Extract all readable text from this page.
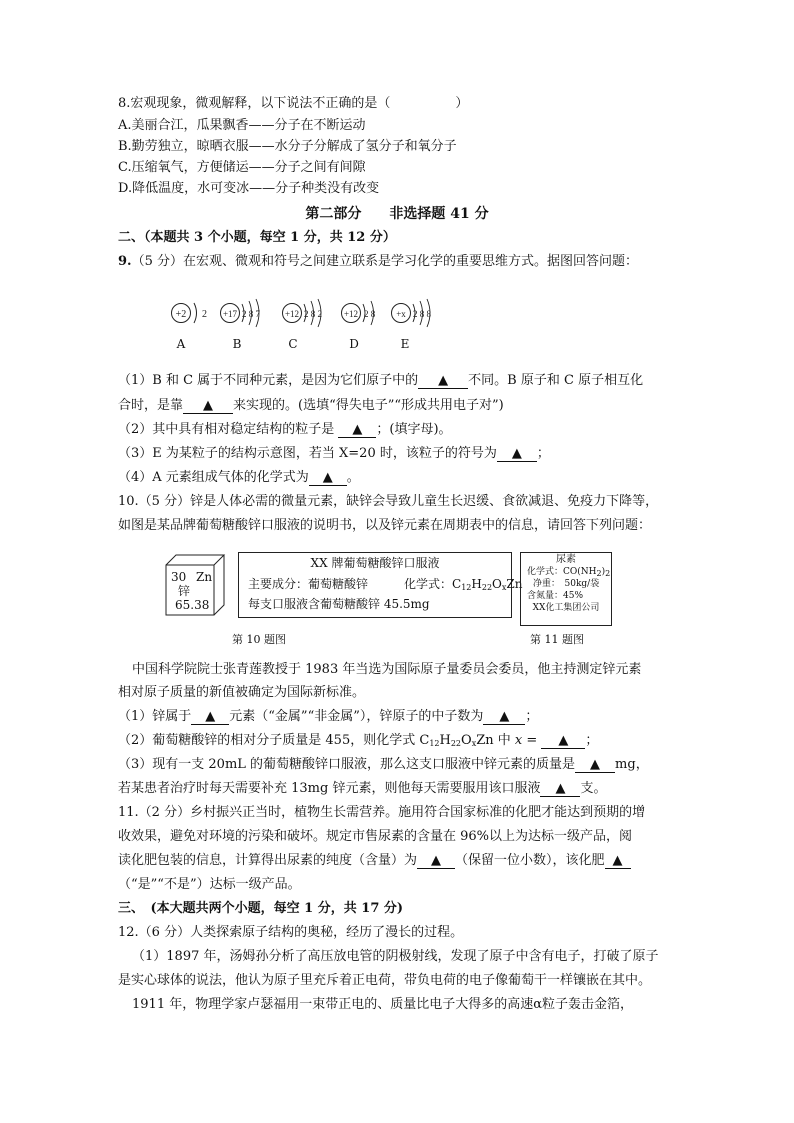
8.宏观现象，微观解释，以下说法不正确的是（　　　　　）
A.美丽合江，瓜果飘香——分子在不断运动
B.勤劳独立，晾晒衣服——水分子分解成了氢分子和氧分子
C.压缩氧气，方便储运——分子之间有间隙
D.降低温度，水可变冰——分子种类没有改变
第二部分　　非选择题 41 分
二、（本题共 3 个小题，每空 1 分，共 12 分）
9.（5 分）在宏观、微观和符号之间建立联系是学习化学的重要思维方式。据图回答问题：
+2 2 +17 2 8 7	+12 2 8 2 +12 2 8 +x 2 8 8
A	B	C	D	E
（1）B 和 C 属于不同种元素，是因为它们原子中的 ▲ 不同。B 原子和 C 原子相互化
合时，是靠 ▲ 来实现的。(选填“得失电子”“形成共用电子对”)
（2）其中具有相对稳定结构的粒子是 ▲ ；(填字母)。
（3）E 为某粒子的结构示意图，若当 X=20 时，该粒子的符号为 ▲ ；
（4）A 元素组成气体的化学式为 ▲ 。
10.（5 分）锌是人体必需的微量元素，缺锌会导致儿童生长迟缓、食欲减退、免疫力下降等，
如图是某品牌葡萄糖酸锌口服液的说明书，以及锌元素在周期表中的信息，请回答下列问题：
30 Zn
锌
65.38
XX 牌葡萄糖酸锌口服液
主要成分：葡萄糖酸锌	化学式：$C_{12}H_{22}O_xZn$
每支口服液含葡萄糖酸锌 45.5mg
尿素
化学式：$CO(NH_2)_2$
净重：　50kg/袋
含氮量：45%
XX化工集团公司
第 10 题图	第 11 题图
中国科学院院士张青莲教授于 1983 年当选为国际原子量委员会委员，他主持测定锌元素
相对原子质量的新值被确定为国际新标准。
（1）锌属于 ▲ 元素（“金属”“非金属”），锌原子的中子数为 ▲ ；
（2）葡萄糖酸锌的相对分子质量是 455，则化学式 $C_{12}H_{22}O_xZn$ 中 x = ▲ ；
（3）现有一支 20mL 的葡萄糖酸锌口服液，那么这支口服液中锌元素的质量是 ▲ mg，
若某患者治疗时每天需要补充 13mg 锌元素，则他每天需要服用该口服液 ▲ 支。
11.（2 分）乡村振兴正当时，植物生长需营养。施用符合国家标准的化肥才能达到预期的增
收效果，避免对环境的污染和破坏。规定市售尿素的含量在 96%以上为达标一级产品，阅
读化肥包装的信息，计算得出尿素的纯度（含量）为 ▲ （保留一位小数），该化肥 ▲
（“是”“不是”）达标一级产品。
三、　(本大题共两个小题，每空 1 分，共 17 分)
12.（6 分）人类探索原子结构的奥秘，经历了漫长的过程。
（1）1897 年，汤姆孙分析了高压放电管的阴极射线，发现了原子中含有电子，打破了原子
是实心球体的说法，他认为原子里充斥着正电荷，带负电荷的电子像葡萄干一样镶嵌在其中。
1911 年，物理学家卢瑟福用一束带正电的、质量比电子大得多的高速α粒子轰击金箔，
